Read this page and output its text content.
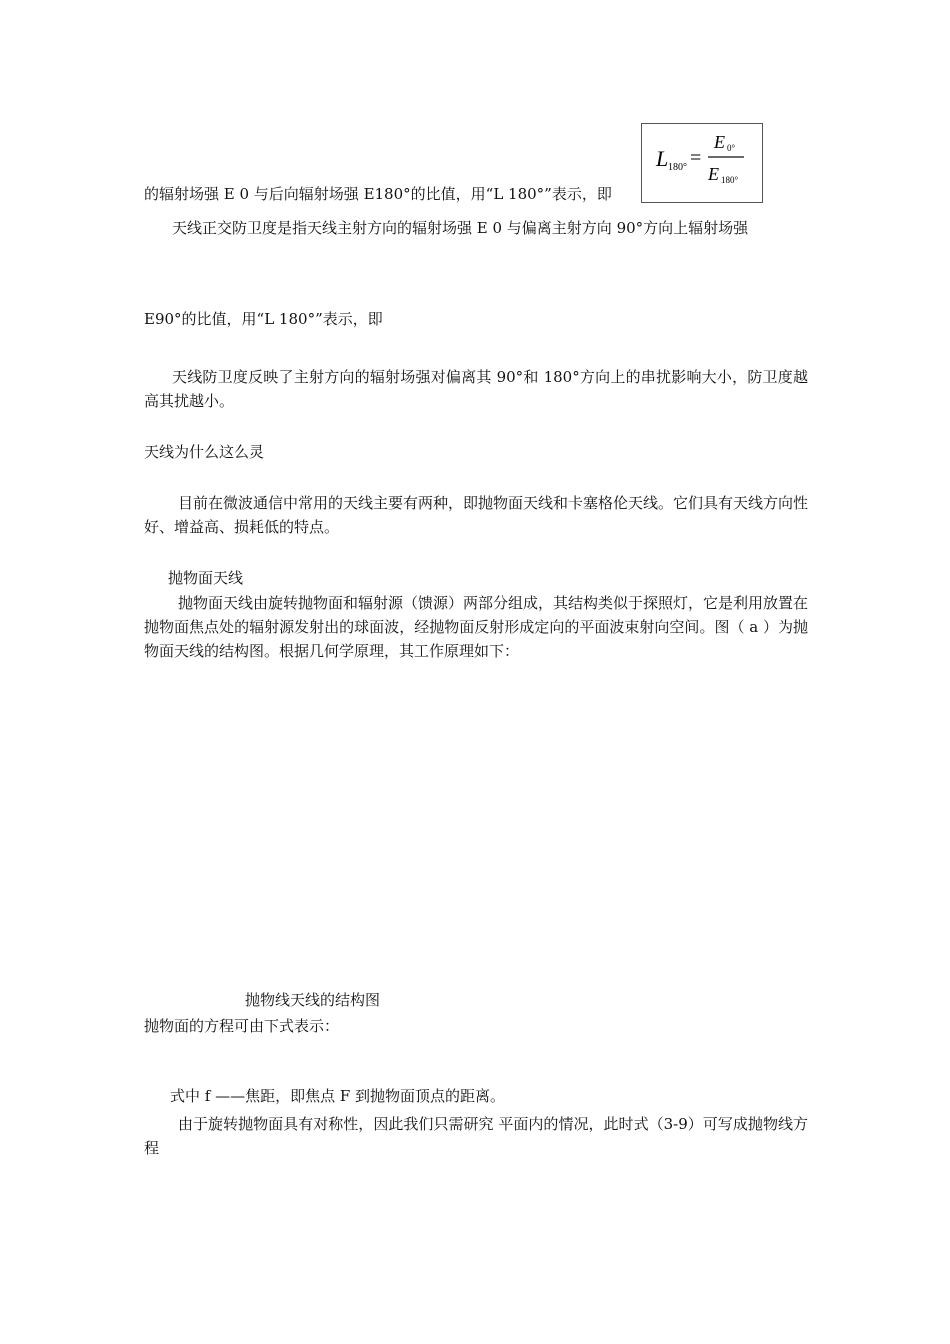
L 180° =
E 0°
E 180°
的辐射场强 E 0 与后向辐射场强 E180°的比值，用“L 180°”表示，即
天线正交防卫度是指天线主射方向的辐射场强 E 0 与偏离主射方向 90°方向上辐射场强
E90°的比值，用“L 180°”表示，即
天线防卫度反映了主射方向的辐射场强对偏离其 90°和 180°方向上的串扰影响大小，防卫度越高其扰越小。
天线为什么这么灵
目前在微波通信中常用的天线主要有两种，即抛物面天线和卡塞格伦天线。它们具有天线方向性好、增益高、损耗低的特点。
抛物面天线
抛物面天线由旋转抛物面和辐射源（馈源）两部分组成，其结构类似于探照灯，它是利用放置在抛物面焦点处的辐射源发射出的球面波，经抛物面反射形成定向的平面波束射向空间。图（ a ）为抛物面天线的结构图。根据几何学原理，其工作原理如下：
抛物线天线的结构图
抛物面的方程可由下式表示：
式中 f ——焦距，即焦点 F 到抛物面顶点的距离。
由于旋转抛物面具有对称性，因此我们只需研究 平面内的情况，此时式（3-9）可写成抛物线方程
